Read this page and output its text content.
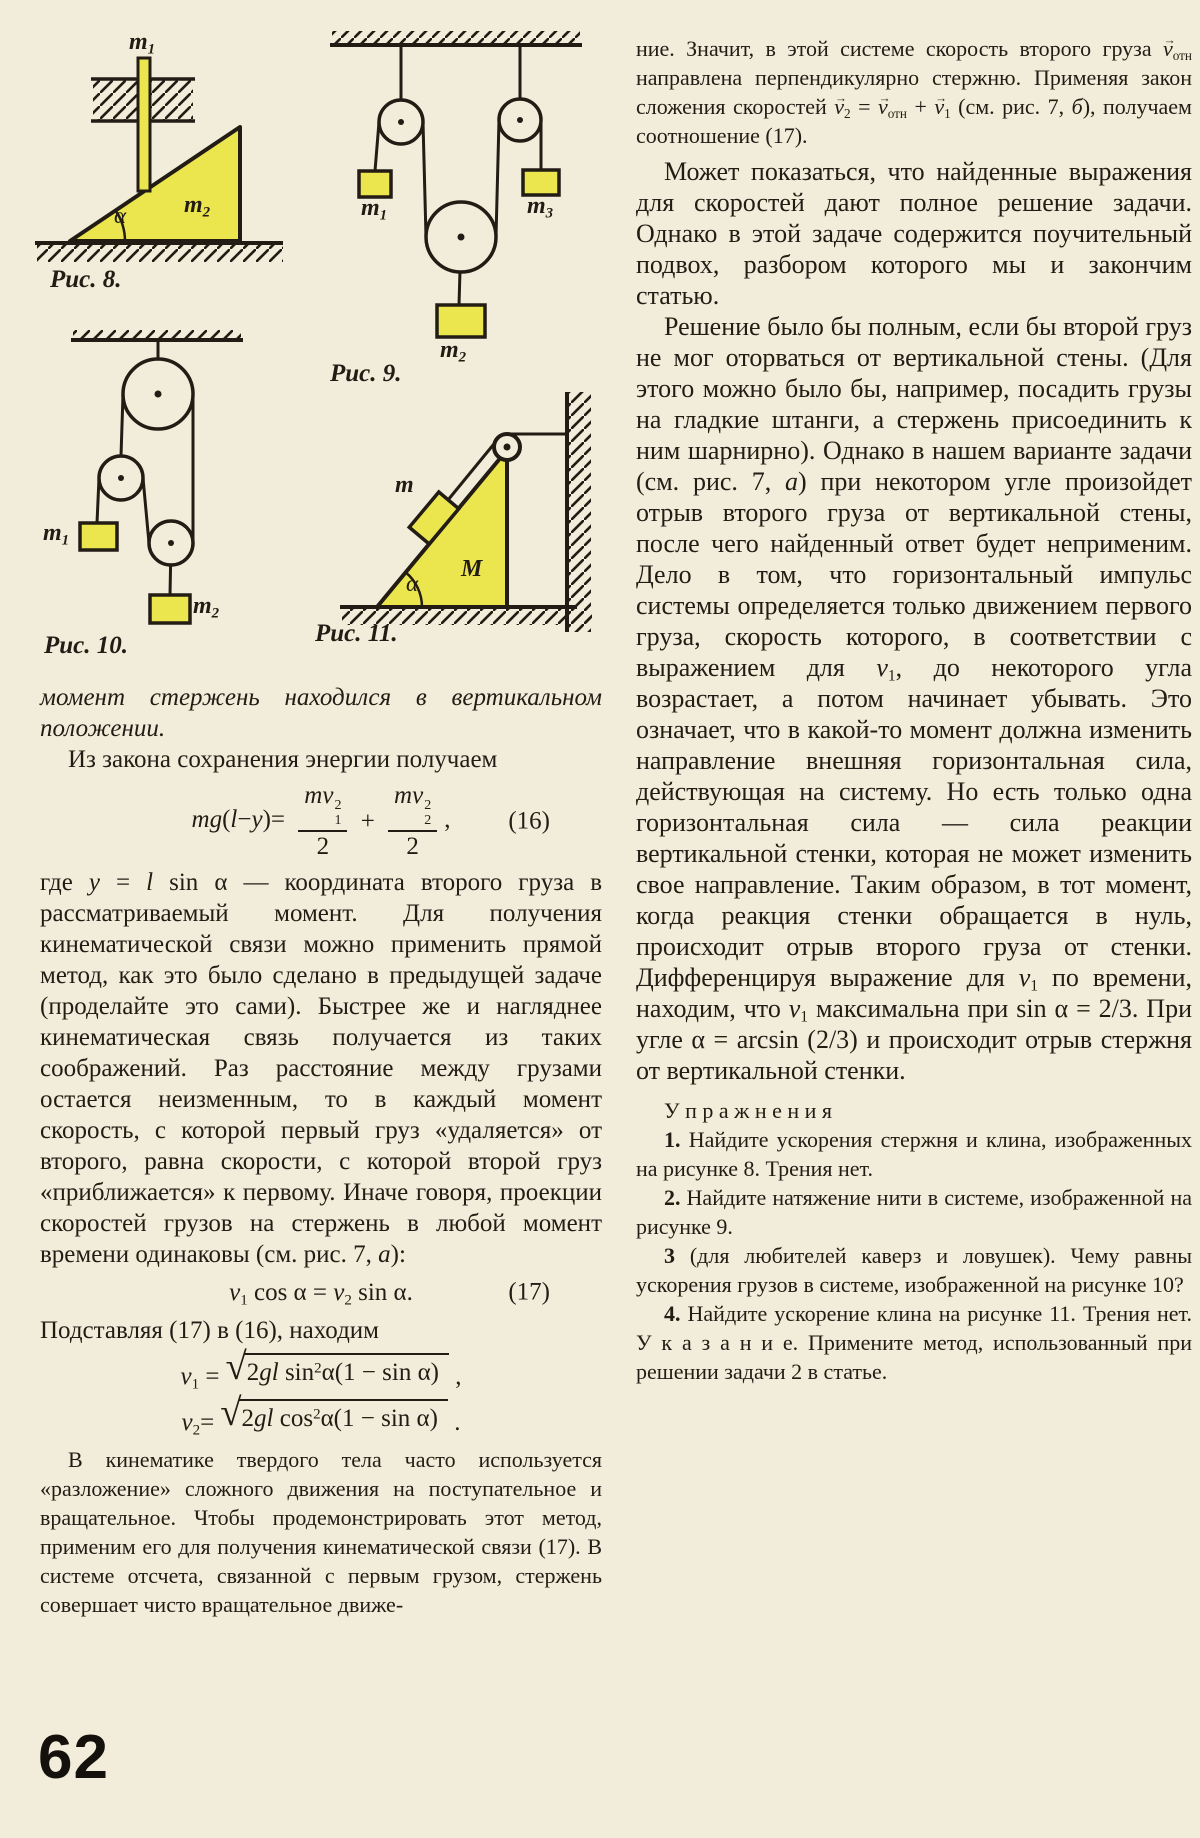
$m_1$
$m_2$
α	$m_1$	$m_3$
$m_2$
$m_1$
$m_2$
m
M
α
Рис. 8.
Рис. 9.
Рис. 10.	Рис. 11.

момент стержень находился в вертикальном положении.

Из закона сохранения энергии получаем

mg(l−y)= mv 2
1
2 + mv 2
2
2 , (16)

где y = l sin α — координата второго груза в рассматриваемый момент. Для получения кинематической связи можно применить прямой метод, как это было сделано в предыдущей задаче (проделайте это сами). Быстрее же и нагляднее кинематическая связь получается из таких соображений. Раз расстояние между грузами остается неизменным, то в каждый момент скорость, с которой первый груз «удаляется» от второго, равна скорости, с которой второй груз «приближается» к первому. Иначе говоря, проекции скоростей грузов на стержень в любой момент времени одинаковы (см. рис. 7, а):

$v_1$ $\cos \alpha = v_2$ sin α.	(17)

Подставляя (17) в (16), находим

$v_1$ = √ 2gl $\sin^2\alpha(1 - \sin \alpha)$ ,
$v_2=$ √ 2gl $\cos^2\alpha(1 - \sin \alpha)$ .

В кинематике твердого тела часто используется «разложение» сложного движения на поступательное и вращательное. Чтобы продемонстрировать этот метод, применим его для получения кинематической связи (17). В системе отсчета, связанной с первым грузом, стержень совершает чисто вращательное движе-

ние. Значит, в этой системе скорость второго груза → $v_{отн}$ направлена перпендикулярно стержню. Применяя закон сложения скоростей → $v_2$ = → $v_{отн}$ + → $v_1$ (см. рис. 7, б), получаем соотношение (17).

Может показаться, что найденные выражения для скоростей дают полное решение задачи. Однако в этой задаче содержится поучительный подвох, разбором которого мы и закончим статью.

Решение было бы полным, если бы второй груз не мог оторваться от вертикальной стены. (Для этого можно было бы, например, посадить грузы на гладкие штанги, а стержень присоединить к ним шарнирно). Однако в нашем варианте задачи (см. рис. 7, а) при некотором угле произойдет отрыв второго груза от вертикальной стены, после чего найденный ответ будет неприменим. Дело в том, что горизонтальный импульс системы определяется только движением первого груза, скорость которого, в соответствии с выражением для $v_1$, до некоторого угла возрастает, а потом начинает убывать. Это означает, что в какой-то момент должна изменить направление внешняя горизонтальная сила, действующая на систему. Но есть только одна горизонтальная сила — сила реакции вертикальной стенки, которая не может изменить свое направление. Таким образом, в тот момент, когда реакция стенки обращается в нуль, происходит отрыв второго груза от стенки. Дифференцируя выражение для $v_1$ по времени, находим, что $v_1$ максимальна при sin α = 2/3. При угле α = arcsin (2/3) и происходит отрыв стержня от вертикальной стенки.

У п р а ж н е н и я

1. Найдите ускорения стержня и клина, изображенных на рисунке 8. Трения нет.

2. Найдите натяжение нити в системе, изображенной на рисунке 9.

3 (для любителей каверз и ловушек). Чему равны ускорения грузов в системе, изображенной на рисунке 10?

4. Найдите ускорение клина на рисунке 11. Трения нет. У к а з а н и е. Примените метод, использованный при решении задачи 2 в статье.

62
